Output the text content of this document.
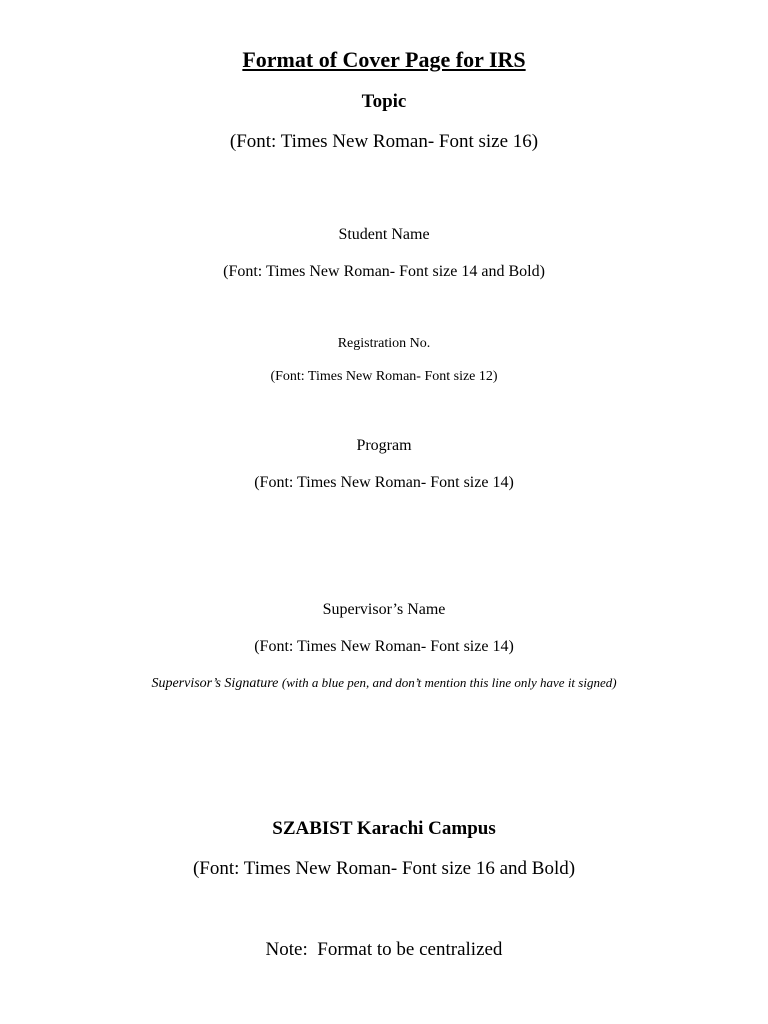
Format of Cover Page for IRS
Topic
(Font: Times New Roman- Font size 16)
Student Name
(Font: Times New Roman- Font size 14 and Bold)
Registration No.
(Font: Times New Roman- Font size 12)
Program
(Font: Times New Roman- Font size 14)
Supervisor’s Name
(Font: Times New Roman- Font size 14)
Supervisor’s Signature (with a blue pen, and don’t mention this line only have it signed)
SZABIST Karachi Campus
(Font: Times New Roman- Font size 16 and Bold)
Note:  Format to be centralized
